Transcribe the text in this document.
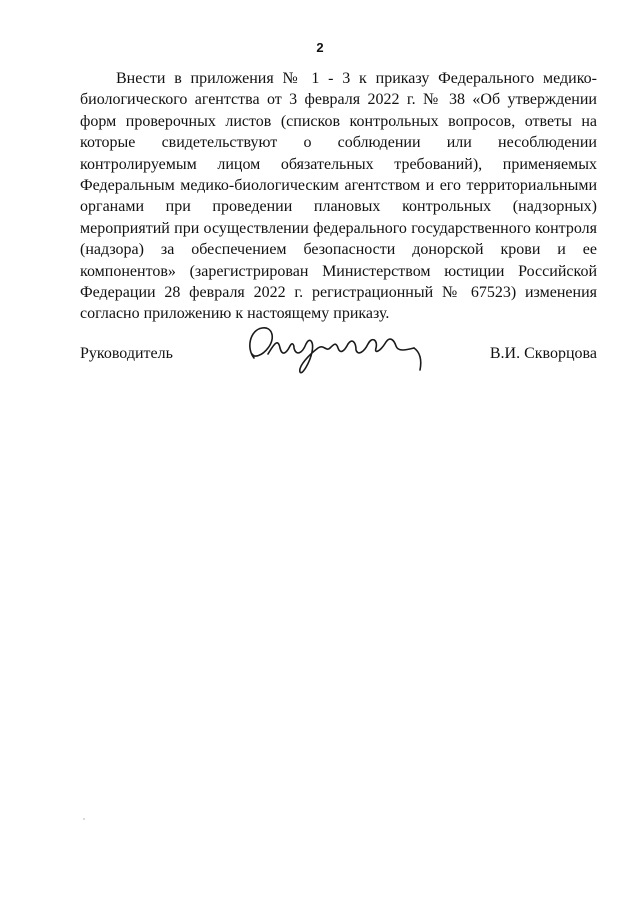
2

Внести в приложения № 1 - 3 к приказу Федерального медико-биологического агентства от 3 февраля 2022 г. № 38 «Об утверждении форм проверочных листов (списков контрольных вопросов, ответы на которые свидетельствуют о соблюдении или несоблюдении контролируемым лицом обязательных требований), применяемых Федеральным медико-биологическим агентством и его территориальными органами при проведении плановых контрольных (надзорных) мероприятий при осуществлении федерального государственного контроля (надзора) за обеспечением безопасности донорской крови и ее компонентов» (зарегистрирован Министерством юстиции Российской Федерации 28 февраля 2022 г. регистрационный № 67523) изменения согласно приложению к настоящему приказу.

Руководитель	В.И. Скворцова
